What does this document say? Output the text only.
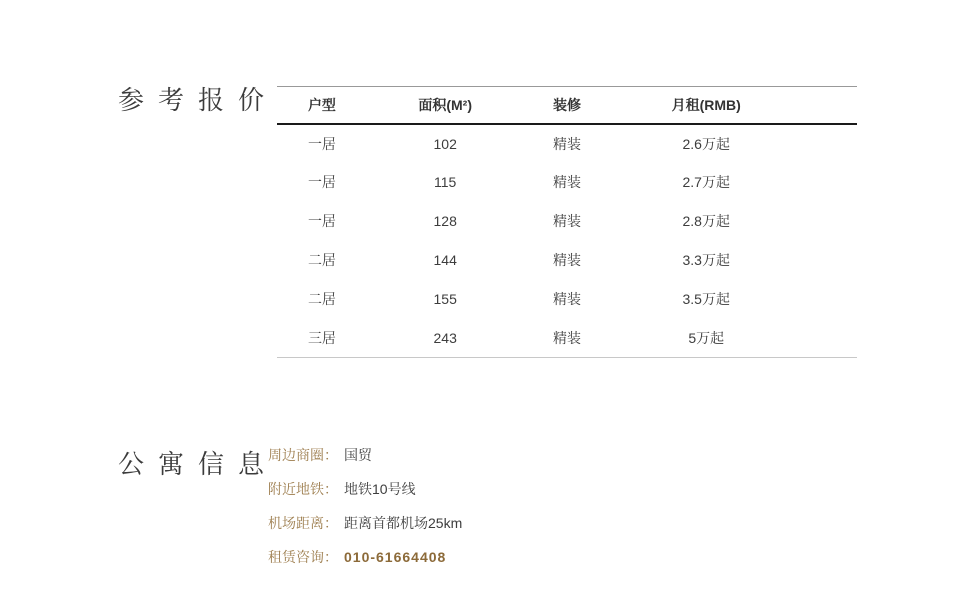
参考报价 户型	面积(M²)	装修	月租(RMB)
一居	102	精装	2.6万起
一居	115	精装	2.7万起
一居	128	精装	2.8万起
二居	144	精装	3.3万起
二居	155	精装	3.5万起
三居	243	精装	5万起
公寓信息
周边商圈： 国贸
附近地铁： 地铁10号线
机场距离： 距离首都机场25km
租赁咨询： 010-61664408
